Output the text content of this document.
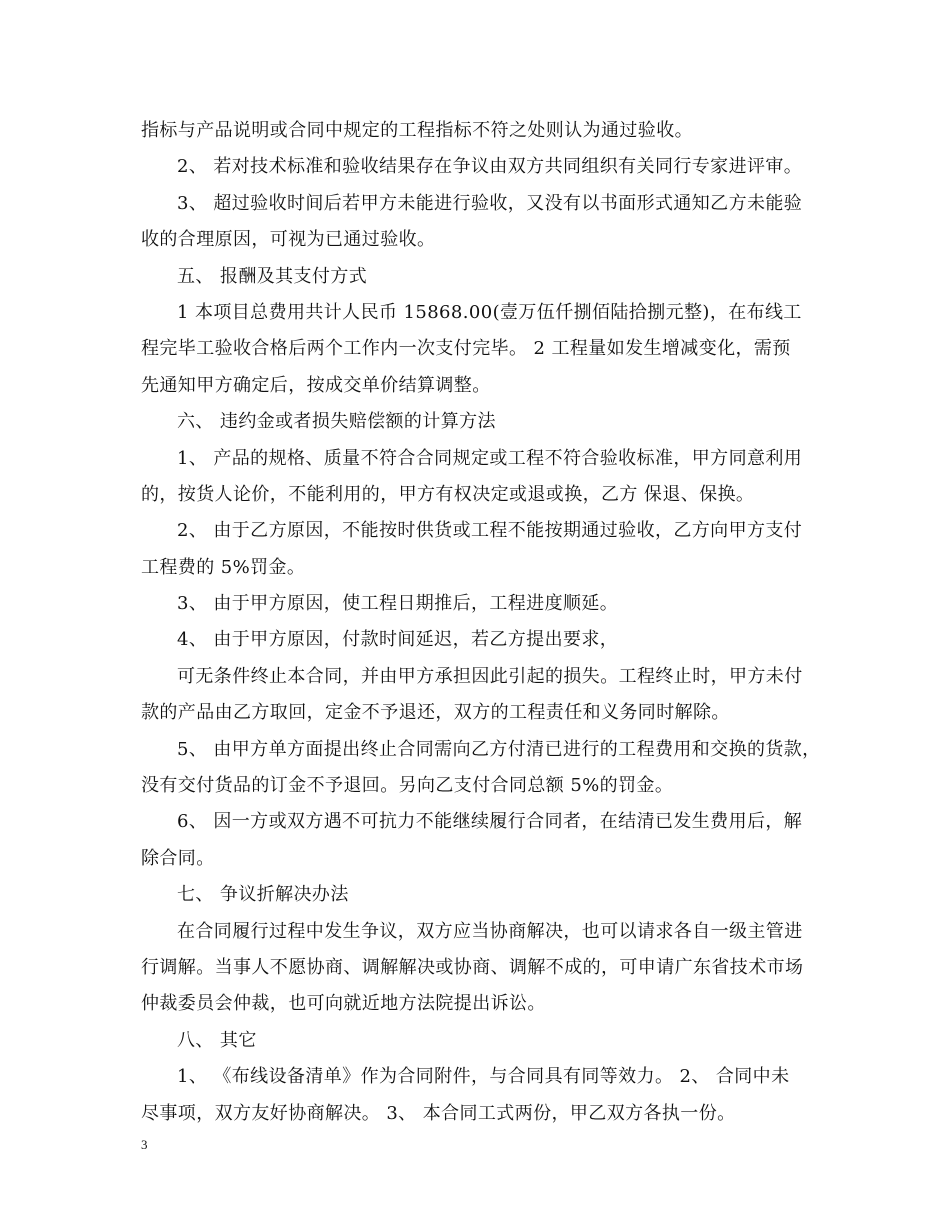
指标与产品说明或合同中规定的工程指标不符之处则认为通过验收。
2、 若对技术标准和验收结果存在争议由双方共同组织有关同行专家进评审。
3、 超过验收时间后若甲方未能进行验收，又没有以书面形式通知乙方未能验
收的合理原因，可视为已通过验收。
五、 报酬及其支付方式
1 本项目总费用共计人民币 15868.00(壹万伍仟捌佰陆拾捌元整)，在布线工
程完毕工验收合格后两个工作内一次支付完毕。 2 工程量如发生增减变化，需预
先通知甲方确定后，按成交单价结算调整。
六、 违约金或者损失赔偿额的计算方法
1、 产品的规格、质量不符合合同规定或工程不符合验收标准，甲方同意利用
的，按货人论价，不能利用的，甲方有权决定或退或换，乙方 保退、保换。
2、 由于乙方原因，不能按时供货或工程不能按期通过验收，乙方向甲方支付
工程费的 5%罚金。
3、 由于甲方原因，使工程日期推后，工程进度顺延。
4、 由于甲方原因，付款时间延迟，若乙方提出要求，
可无条件终止本合同，并由甲方承担因此引起的损失。工程终止时，甲方未付
款的产品由乙方取回，定金不予退还，双方的工程责任和义务同时解除。
5、 由甲方单方面提出终止合同需向乙方付清已进行的工程费用和交换的货款，
没有交付货品的订金不予退回。另向乙支付合同总额 5%的罚金。
6、 因一方或双方遇不可抗力不能继续履行合同者，在结清已发生费用后，解
除合同。
七、 争议折解决办法
在合同履行过程中发生争议，双方应当协商解决，也可以请求各自一级主管进
行调解。当事人不愿协商、调解解决或协商、调解不成的，可申请广东省技术市场
仲裁委员会仲裁，也可向就近地方法院提出诉讼。
八、 其它
1、 《布线设备清单》作为合同附件，与合同具有同等效力。 2、 合同中未
尽事项，双方友好协商解决。 3、 本合同工式两份，甲乙双方各执一份。
3
